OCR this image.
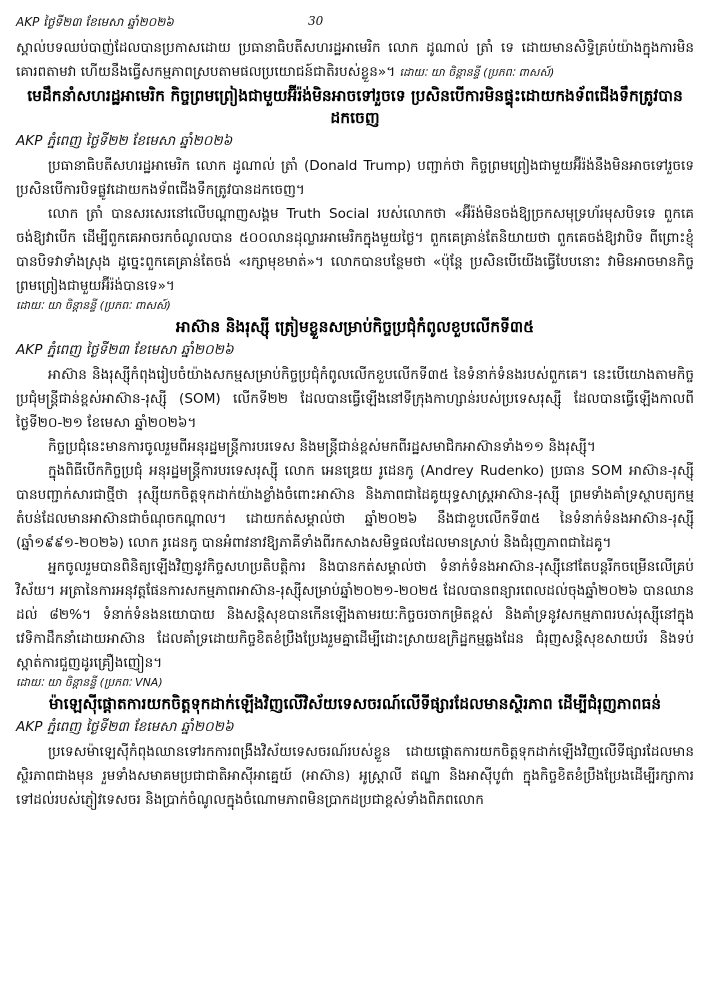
AKP ថ្ងៃទី២៣ ខែមេសា ឆ្នាំ២០២៦	30

ស្គាល់បទឈប់បាញ់ដែលបានប្រកាសដោយ ប្រធានាធិបតីសហរដ្ឋអាមេរិក លោក ដូណាល់ ត្រាំ ទេ ដោយមានសិទ្ធិគ្រប់យ៉ាងក្នុងការមិនគោរពតាមវា ហើយនឹងធ្វើសកម្មភាពស្របតាមផលប្រយោជន៍ជាតិរបស់ខ្លួន»។ ដោយៈ យា ចិន្តានន្ទី (ប្រភពៈ ពាសស៍)

មេដឹកនាំសហរដ្ឋអាមេរិក កិច្ចព្រមព្រៀងជាមួយអ៊ីរ៉ង់មិនអាចទៅរួចទេ ប្រសិនបើការមិនផ្ទុះដោយកងទ័ពជើងទឹកត្រូវបានដកចេញ
AKP ភ្នំពេញ ថ្ងៃទី២២ ខែមេសា ឆ្នាំ២០២៦

ប្រធានាធិបតីសហរដ្ឋអាមេរិក លោក ដូណាល់ ត្រាំ (Donald Trump) បញ្ជាក់ថា កិច្ចព្រមព្រៀងជាមួយអ៊ីរ៉ង់នឹងមិនអាចទៅរួចទេ ប្រសិនបើការបិទផ្លូវដោយកងទ័ពជើងទឹកត្រូវបានដកចេញ។

លោក ត្រាំ បានសរសេរនៅលើបណ្ដាញសង្គម Truth Social របស់លោកថា «អ៊ីរ៉ង់មិនចង់ឱ្យច្រកសមុទ្រហ័រមុសបិទទេ ពួកគេចង់ឱ្យវាបើក ដើម្បីពួកគេអាចរកចំណូលបាន ៥០០លានដុល្លារអាមេរិកក្នុងមួយថ្ងៃ។ ពួកគេគ្រាន់តែនិយាយថា ពួកគេចង់ឱ្យវាបិទ ពីព្រោះខ្ញុំបានបិទវាទាំងស្រុង ដូច្នេះពួកគេគ្រាន់តែចង់ «រក្សាមុខមាត់»។ លោកបានបន្ថែមថា «ប៉ុន្តែ ប្រសិនបើយើងធ្វើបែបនោះ វាមិនអាចមានកិច្ចព្រមព្រៀងជាមួយអ៊ីរ៉ង់បានទេ»។

ដោយៈ យា ចិន្តានន្ទី (ប្រភពៈ ពាសស៍)
អាស៊ាន និងរុស្ស៊ី ត្រៀមខ្លួនសម្រាប់កិច្ចប្រជុំកំពូលខួបលើកទី៣៥
AKP ភ្នំពេញ ថ្ងៃទី២៣ ខែមេសា ឆ្នាំ២០២៦

អាស៊ាន និងរុស្ស៊ីកំពុងរៀបចំយ៉ាងសកម្មសម្រាប់កិច្ចប្រជុំកំពូលលើកខួបលើកទី៣៥ នៃទំនាក់ទំនងរបស់ពួកគេ។ នេះបើយោងតាមកិច្ចប្រជុំមន្ត្រីជាន់ខ្ពស់អាស៊ាន-រុស្ស៊ី (SOM) លើកទី២២ ដែលបានធ្វើឡើងនៅទីក្រុងកាហ្សាន់របស់ប្រទេសរុស្ស៊ី ដែលបានធ្វើឡើងកាលពីថ្ងៃទី២០-២១ ខែមេសា ឆ្នាំ២០២៦។

កិច្ចប្រជុំនេះមានការចូលរួមពីអនុរដ្ឋមន្ត្រីការបរទេស និងមន្ត្រីជាន់ខ្ពស់មកពីរដ្ឋសមាជិកអាស៊ានទាំង១១ និងរុស្ស៊ី។

ក្នុងពិធីបើកកិច្ចប្រជុំ អនុរដ្ឋមន្ត្រីការបរទេសរុស្ស៊ី លោក អេនឌ្រេយ រូដេនកូ (Andrey Rudenko) ប្រធាន SOM អាស៊ាន-រុស្ស៊ី បានបញ្ជាក់សារជាថ្មីថា រុស្ស៊ីយកចិត្តទុកដាក់យ៉ាងខ្លាំងចំពោះអាស៊ាន និងភាពជាដៃគូយុទ្ធសាស្ត្រអាស៊ាន-រុស្ស៊ី ព្រមទាំងគាំទ្រស្ថាបត្យកម្មតំបន់ដែលមានអាស៊ានជាចំណុចកណ្តាល។ ដោយកត់សម្គាល់ថា ឆ្នាំ២០២៦ នឹងជាខួបលើកទី៣៥ នៃទំនាក់ទំនងអាស៊ាន-រុស្ស៊ី (ឆ្នាំ១៩៩១-២០២៦) លោក រូដេនកូ បានអំពាវនាវឱ្យភាគីទាំងពីរកសាងសមិទ្ធផលដែលមានស្រាប់ និងជំរុញភាពជាដៃគូ។

អ្នកចូលរួមបានពិនិត្យឡើងវិញនូវកិច្ចសហប្រតិបត្តិការ និងបានកត់សម្គាល់ថា ទំនាក់ទំនងអាស៊ាន-រុស្ស៊ីនៅតែបន្តរីកចម្រើនលើគ្រប់វិស័យ។ អត្រានៃការអនុវត្តផែនការសកម្មភាពអាស៊ាន-រុស្ស៊ីសម្រាប់ឆ្នាំ២០២១-២០២៥ ដែលបានពន្យារពេលដល់ចុងឆ្នាំ២០២៦ បានឈានដល់ ៨២%។ ទំនាក់ទំនងនយោបាយ និងសន្តិសុខបានកើនឡើងតាមរយៈកិច្ចចរចាកម្រិតខ្ពស់ និងគាំទ្រនូវសកម្មភាពរបស់រុស្ស៊ីនៅក្នុងវេទិកាដឹកនាំដោយអាស៊ាន ដែលគាំទ្រដោយកិច្ចខិតខំប្រឹងប្រែងរួមគ្នាដើម្បីដោះស្រាយឧក្រិដ្ឋកម្មឆ្លងដែន ជំរុញសន្តិសុខសាយប័រ និងទប់ស្កាត់ការជួញដូរគ្រឿងញៀន។

ដោយៈ យា ចិន្តានន្ទី (ប្រភពៈ VNA)
ម៉ាឡេស៊ីផ្តោតការយកចិត្តទុកដាក់ឡើងវិញលើវិស័យទេសចរណ៍លើទីផ្សារដែលមានស្ថិរភាព ដើម្បីជំរុញភាពធន់
AKP ភ្នំពេញ ថ្ងៃទី២៣ ខែមេសា ឆ្នាំ២០២៦

ប្រទេសម៉ាឡេស៊ីកំពុងឈានទៅរកការពង្រឹងវិស័យទេសចរណ៍របស់ខ្លួន ដោយផ្តោតការយកចិត្តទុកដាក់ឡើងវិញលើទីផ្សារដែលមានស្ថិរភាពជាងមុន រួមទាំងសមាគមប្រជាជាតិអាស៊ីអាគ្នេយ៍ (អាស៊ាន) អូស្ត្រាលី ឥណ្ឌា និងអាស៊ីបូព៌ា ក្នុងកិច្ចខិតខំប្រឹងប្រែងដើម្បីរក្សាការទៅដល់របស់ភ្ញៀវទេសចរ និងប្រាក់ចំណូលក្នុងចំណោមភាពមិនប្រាកដប្រជាខ្ពស់ទាំងពិភពលោក
